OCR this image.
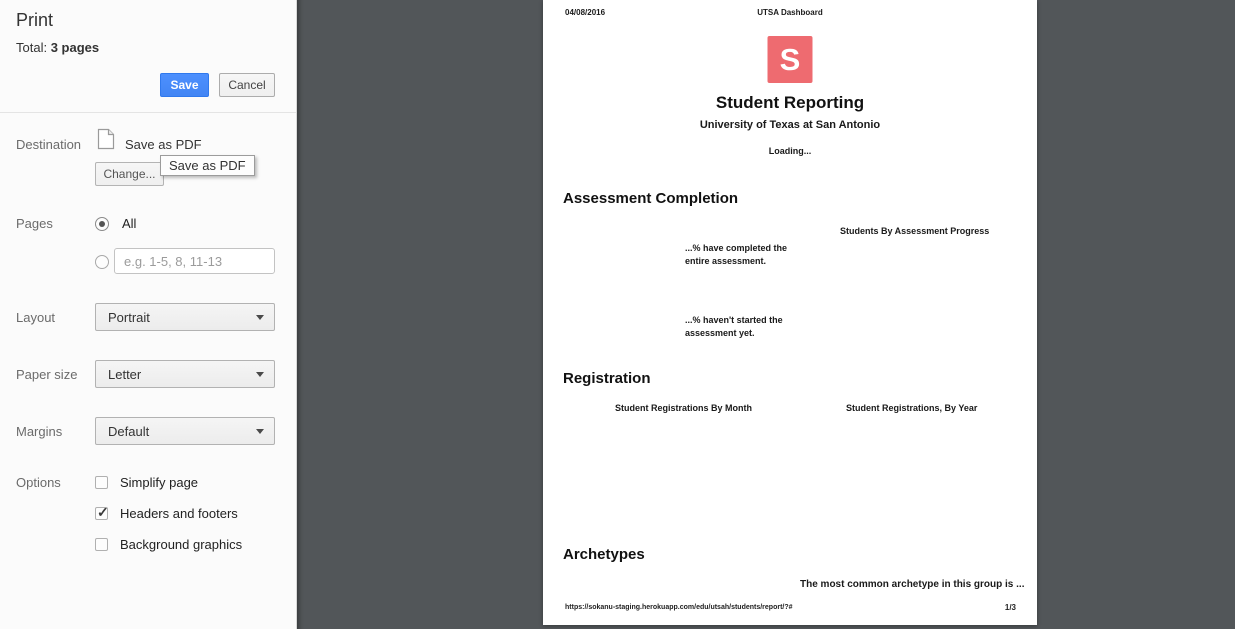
Print
Total: 3 pages
Save	Cancel
Destination	Save as PDF
Change...
Save as PDF
Pages	All
e.g. 1-5, 8, 11-13
Layout	Portrait
Paper size Letter
Margins	Default
Options	Simplify page
✓
Headers and footers
Background graphics
04/08/2016	UTSA Dashboard
S
Student Reporting
University of Texas at San Antonio
Loading...
Assessment Completion
Students By Assessment Progress
...% have completed the entire assessment.
...% haven't started the assessment yet.
Registration
Student Registrations By Month	Student Registrations, By Year
Archetypes
The most common archetype in this group is ...
https://sokanu-staging.herokuapp.com/edu/utsah/students/report/?#	1/3
